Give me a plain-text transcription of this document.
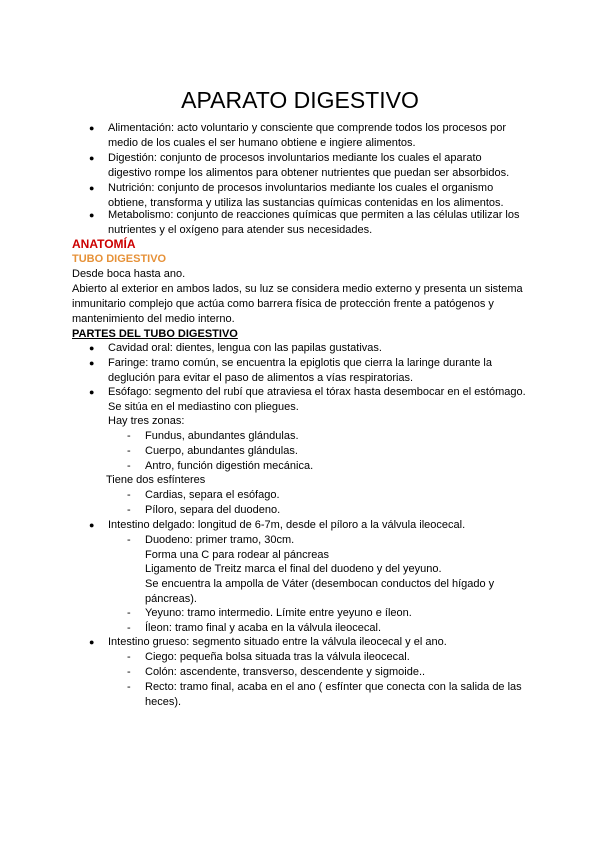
APARATO DIGESTIVO
● Alimentación: acto voluntario y consciente que comprende todos los procesos por medio de los cuales el ser humano obtiene e ingiere alimentos.
● Digestión: conjunto de procesos involuntarios mediante los cuales el aparato digestivo rompe los alimentos para obtener nutrientes que puedan ser absorbidos.
● Nutrición: conjunto de procesos involuntarios mediante los cuales el organismo obtiene, transforma y utiliza las sustancias químicas contenidas en los alimentos.
● Metabolismo: conjunto de reacciones químicas que permiten a las células utilizar los nutrientes y el oxígeno para atender sus necesidades.
ANATOMÍA
TUBO DIGESTIVO
Desde boca hasta ano.
Abierto al exterior en ambos lados, su luz se considera medio externo y presenta un sistema inmunitario complejo que actúa como barrera física de protección frente a patógenos y mantenimiento del medio interno.
PARTES DEL TUBO DIGESTIVO
● Cavidad oral: dientes, lengua con las papilas gustativas.
● Faringe: tramo común, se encuentra la epiglotis que cierra la laringe durante la deglución para evitar el paso de alimentos a vías respiratorias.
● Esófago: segmento del rubí que atraviesa el tórax hasta desembocar en el estómago. Se sitúa en el mediastino con pliegues.
Hay tres zonas:
- Fundus, abundantes glándulas.
- Cuerpo, abundantes glándulas.
- Antro, función digestión mecánica.
Tiene dos esfínteres
- Cardias, separa el esófago.
- Píloro, separa del duodeno.
● Intestino delgado: longitud de 6-7m, desde el píloro a la válvula ileocecal.
- Duodeno: primer tramo, 30cm.
Forma una C para rodear al páncreas
Ligamento de Treitz marca el final del duodeno y del yeyuno.
Se encuentra la ampolla de Váter (desembocan conductos del hígado y páncreas).
- Yeyuno: tramo intermedio. Límite entre yeyuno e íleon.
- Íleon: tramo final y acaba en la válvula ileocecal.
● Intestino grueso: segmento situado entre la válvula ileocecal y el ano.
- Ciego: pequeña bolsa situada tras la válvula ileocecal.
- Colón: ascendente, transverso, descendente y sigmoide..
- Recto: tramo final, acaba en el ano ( esfínter que conecta con la salida de las heces).
